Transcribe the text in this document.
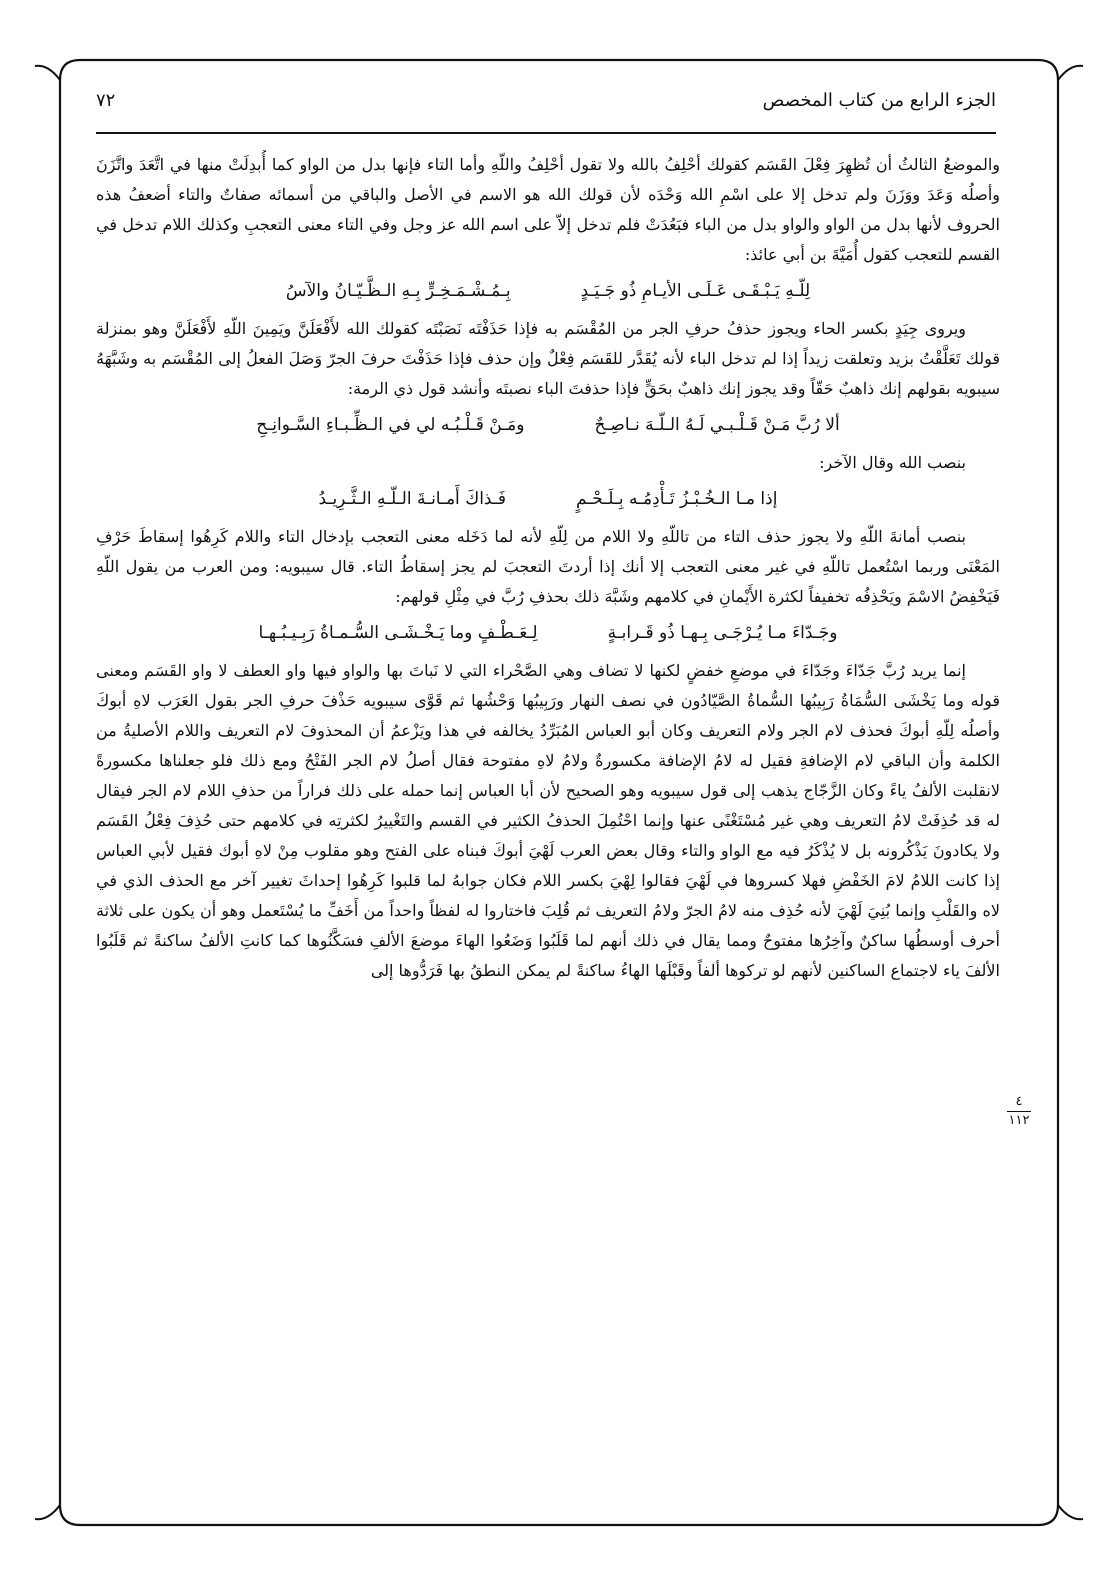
الجزء الرابع من كتاب المخصص
٧٢
٤
١١٢

والموضعُ الثالثُ أن تُظهِرَ فِعْلَ القَسَم كقولك أحْلِفُ بالله ولا تقول أحْلِفُ واللّهِ وأما التاء فإنها بدل من الواو كما أُبدِلَتْ منها في اتَّعَدَ واتَّزَنَ وأصلُه وَعَدَ ووَزَنَ ولم تدخل إلا على اسْمِ الله وَحْدَه لأن قولك الله هو الاسم في الأصل والباقي من أسمائه صفاتٌ والتاء أضعفُ هذه الحروف لأنها بدل من الواو والواو بدل من الباء فبَعُدَتْ فلم تدخل إلاّ على اسم الله عز وجل وفي التاء معنى التعجبِ وكذلك اللام تدخل في القسم للتعجب كقول أُمَيَّةَ بن أبي عائذ:

لِلّـهِ يَـبْـقَـى عَـلَـى الأيـامِ ذُو جَـيَـدٍ
بِـمُـشْـمَـخِـرٍّ بِـهِ الـظَّـيّـانُ والآسُ

ويروى جِيَدٍ بكسر الحاء ويجوز حذفُ حرفِ الجر من المُقْسَم به فإذا حَذَفْتَه نَصَبْتَه كقولك الله لأَفْعَلَنَّ ويَمِينَ اللّهِ لأَفْعَلَنَّ وهو بمنزلة قولك تَعَلَّقْتُ بزيد وتعلقت زيداً إذا لم تدخل الباء لأنه يُقَدَّر للقَسَم فِعْلٌ وإن حذف فإذا حَذَفْتَ حرفَ الجرّ وَصَلَ الفعلُ إلى المُقْسَم به وشَبَّهَهُ سيبويه بقولهم إنك ذاهبٌ حَقّاً وقد يجوز إنك ذاهبٌ بحَقٍّ فإذا حذفتَ الباء نصبتَه وأنشد قول ذي الرمة:

ألا رُبَّ مَـنْ قَـلْـبـي لَـهُ الـلّـهَ نـاصِـحٌ
ومَـنْ قَـلْـبُـه لي في الـظِّـبـاءِ السَّـوانِـحِ

بنصب الله وقال الآخر:

إذا مـا الـخُـبْـزُ تَـأْدِمُـه بِـلَـحْـمٍ
فَـذاكَ أَمـانـةَ الـلّـهِ الـثَّـرِيـدُ

بنصب أمانةَ اللّهِ ولا يجوز حذف التاء من تاللّهِ ولا اللام من لِلّهِ لأنه لما دَخَله معنى التعجب بإدخال التاء واللام كَرِهُوا إسقاطَ حَرْفِ المَعْنَى وربما اسْتُعمل تاللّهِ في غير معنى التعجب إلا أنك إذا أردتَ التعجبَ لم يجز إسقاطُ التاء. قال سيبويه: ومن العرب من يقول اللّهِ فَيَخْفِضُ الاسْمَ ويَحْذِفُه تخفيفاً لكثرة الأَيْمانِ في كلامهم وشَبَّهَ ذلك بحذفِ رُبَّ في مِثْلِ قولهم:

وجَـدّاءَ مـا يُـرْجَـى بِـهـا ذُو قَـرابـةٍ
لِـعَـطْـفٍ وما يَـخْـشَـى السُّـمـاةُ رَبِـيـبُـهـا

إنما يريد رُبَّ جَدّاءَ وجَدّاءَ في موضعِ خفضٍ لكنها لا تضاف وهي الصَّحْراء التي لا نَباتَ بها والواو فيها واو العطف لا واو القَسَم ومعنى قوله وما يَخْشَى السُّمَاةُ رَبِيبُها السُّماةُ الصَّيّادُون في نصف النهار ورَبِيبُها وَحْشُها ثم قَوَّى سيبويه حَذْفَ حرفِ الجر بقول العَرَب لاهِ أبوكَ وأصلُه لِلّهِ أبوكَ فحذف لام الجر ولام التعريف وكان أبو العباس المُبَرِّدُ يخالفه في هذا ويَزْعمُ أن المحذوفَ لام التعريف واللام الأصليةُ من الكلمة وأن الباقي لام الإضافةِ فقيل له لامُ الإضافة مكسورةٌ ولامُ لاهِ مفتوحة فقال أصلُ لام الجر الفَتْحُ ومع ذلك فلو جعلناها مكسورةً لانقلبت الألفُ ياءً وكان الزَّجّاج يذهب إلى قول سيبويه وهو الصحيح لأن أبا العباس إنما حمله على ذلك فراراً من حذفِ اللام لام الجر فيقال له قد حُذِفَتْ لامُ التعريف وهي غير مُسْتَغْنًى عنها وإنما احْتُمِلَ الحذفُ الكثير في القسم والتَغْييرُ لكثرتِه في كلامهم حتى حُذِفَ فِعْلُ القَسَم ولا يكادونَ يَذْكُرونه بل لا يُذْكَرُ فيه مع الواو والتاء وقال بعض العرب لَهْيَ أبوكَ فبناه على الفتح وهو مقلوب مِنْ لاهِ أبوك فقيل لأبي العباس إذا كانت اللامُ لامَ الخَفْضِ فهلا كسروها في لَهْيَ فقالوا لِهْيَ بكسر اللام فكان جوابهُ لما قلبوا كَرِهُوا إحداثَ تغيير آخر مع الحذف الذي في لاه والقَلْبِ وإنما بُنِيَ لَهْيَ لأنه حُذِف منه لامُ الجرّ ولامُ التعريف ثم قُلِبَ فاختاروا له لفظاً واحداً من أَخَفِّ ما يُسْتَعمل وهو أن يكون على ثلاثة أحرف أوسطُها ساكنٌ وآخِرُها مفتوحٌ ومما يقال في ذلك أنهم لما قَلَبُوا وَضَعُوا الهاءَ موضعَ الألفِ فسَكَّنُوها كما كانتِ الألفُ ساكنةً ثم قَلَبُوا الألفَ ياء لاجتماع الساكنين لأنهم لو تركوها ألفاً وقَبْلَها الهاءُ ساكنةً لم يمكن النطقُ بها فَرَدُّوها إلى
